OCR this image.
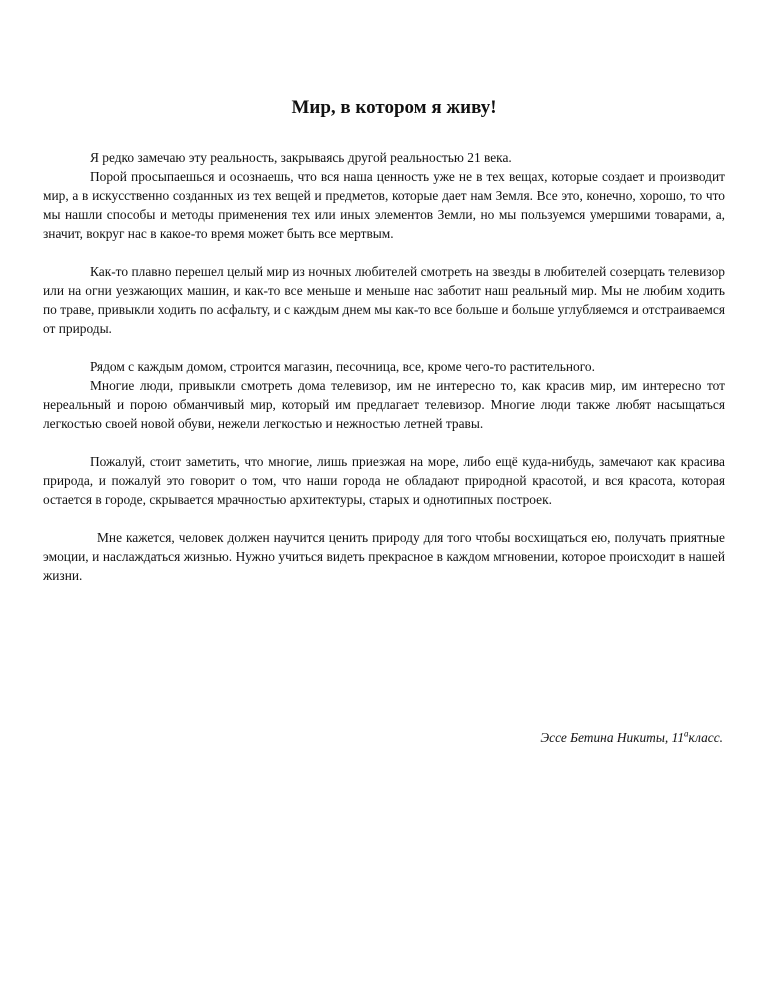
Мир, в котором я живу!

Я редко замечаю эту реальность, закрываясь другой реальностью 21 века.

Порой просыпаешься и осознаешь, что вся наша ценность уже не в тех вещах, которые создает и производит мир, а в искусственно созданных из тех вещей и предметов, которые дает нам Земля. Все это, конечно, хорошо, то что мы нашли способы и методы применения тех или иных элементов Земли, но мы пользуемся умершими товарами, а, значит, вокруг нас в какое-то время может быть все мертвым.

Как-то плавно перешел целый мир из ночных любителей смотреть на звезды в любителей созерцать телевизор или на огни уезжающих машин, и как-то все меньше и меньше нас заботит наш реальный мир. Мы не любим ходить по траве, привыкли ходить по асфальту, и с каждым днем мы как-то все больше и больше углубляемся и отстраиваемся от природы.

Рядом с каждым домом, строится магазин, песочница, все, кроме чего-то растительного.

Многие люди, привыкли смотреть дома телевизор, им не интересно то, как красив мир, им интересно тот нереальный и порою обманчивый мир, который им предлагает телевизор. Многие люди также любят насыщаться легкостью своей новой обуви, нежели легкостью и нежностью летней травы.

Пожалуй, стоит заметить, что многие, лишь приезжая на море, либо ещё куда-нибудь, замечают как красива природа, и пожалуй это говорит о том, что наши города не обладают природной красотой, и вся красота, которая остается в городе, скрывается мрачностью архитектуры, старых и однотипных построек.

Мне кажется, человек должен научится ценить природу для того чтобы восхищаться ею, получать приятные эмоции, и наслаждаться жизнью. Нужно учиться видеть прекрасное в каждом мгновении, которое происходит в нашей жизни.

Эссе Бетина Никиты, $11^акласс$.
